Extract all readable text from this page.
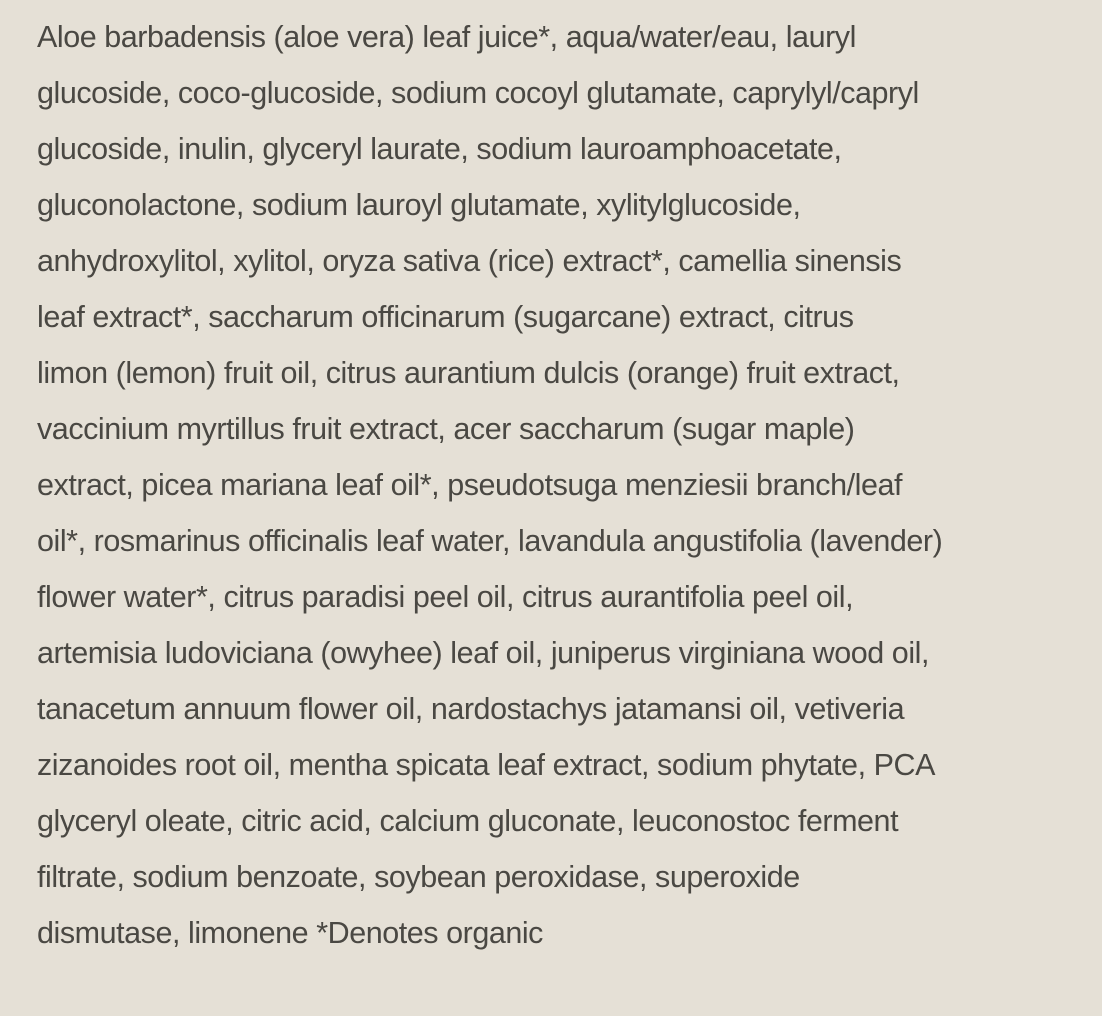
Aloe barbadensis (aloe vera) leaf juice*, aqua/water/eau, lauryl
glucoside, coco-glucoside, sodium cocoyl glutamate, caprylyl/capryl
glucoside, inulin, glyceryl laurate, sodium lauroamphoacetate,
gluconolactone, sodium lauroyl glutamate, xylitylglucoside,
anhydroxylitol, xylitol, oryza sativa (rice) extract*, camellia sinensis
leaf extract*, saccharum officinarum (sugarcane) extract, citrus
limon (lemon) fruit oil, citrus aurantium dulcis (orange) fruit extract,
vaccinium myrtillus fruit extract, acer saccharum (sugar maple)
extract, picea mariana leaf oil*, pseudotsuga menziesii branch/leaf
oil*, rosmarinus officinalis leaf water, lavandula angustifolia (lavender)
flower water*, citrus paradisi peel oil, citrus aurantifolia peel oil,
artemisia ludoviciana (owyhee) leaf oil, juniperus virginiana wood oil,
tanacetum annuum flower oil, nardostachys jatamansi oil, vetiveria
zizanoides root oil, mentha spicata leaf extract, sodium phytate, PCA
glyceryl oleate, citric acid, calcium gluconate, leuconostoc ferment
filtrate, sodium benzoate, soybean peroxidase, superoxide
dismutase, limonene *Denotes organic
